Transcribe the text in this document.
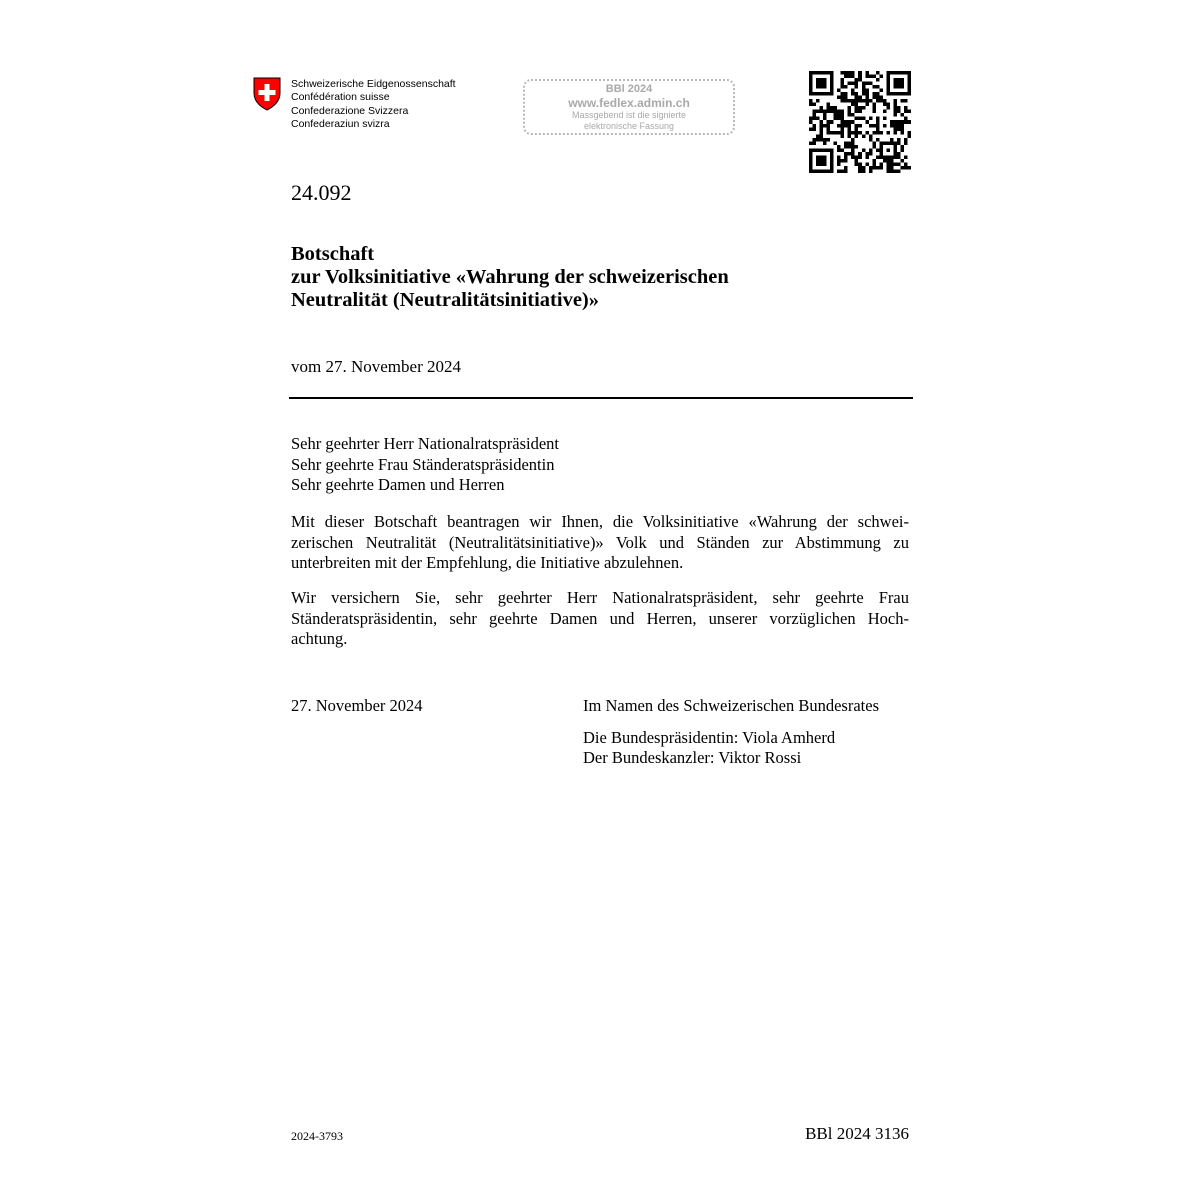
Schweizerische Eidgenossenschaft
Confédération suisse
Confederazione Svizzera
Confederaziun svizra
BBl 2024
www.fedlex.admin.ch
Massgebend ist die signierte
elektronische Fassung
24.092
Botschaft
zur Volksinitiative «Wahrung der schweizerischen
Neutralität (Neutralitätsinitiative)»
vom 27. November 2024
Sehr geehrter Herr Nationalratspräsident
Sehr geehrte Frau Ständeratspräsidentin
Sehr geehrte Damen und Herren
Mit dieser Botschaft beantragen wir Ihnen, die Volksinitiative «Wahrung der schwei-
zerischen Neutralität (Neutralitätsinitiative)» Volk und Ständen zur Abstimmung zu
unterbreiten mit der Empfehlung, die Initiative abzulehnen.
Wir versichern Sie, sehr geehrter Herr Nationalratspräsident, sehr geehrte Frau
Ständeratspräsidentin, sehr geehrte Damen und Herren, unserer vorzüglichen Hoch-
achtung.
27. November 2024	Im Namen des Schweizerischen Bundesrates
Die Bundespräsidentin: Viola Amherd
Der Bundeskanzler: Viktor Rossi
2024-3793	BBl 2024 3136
